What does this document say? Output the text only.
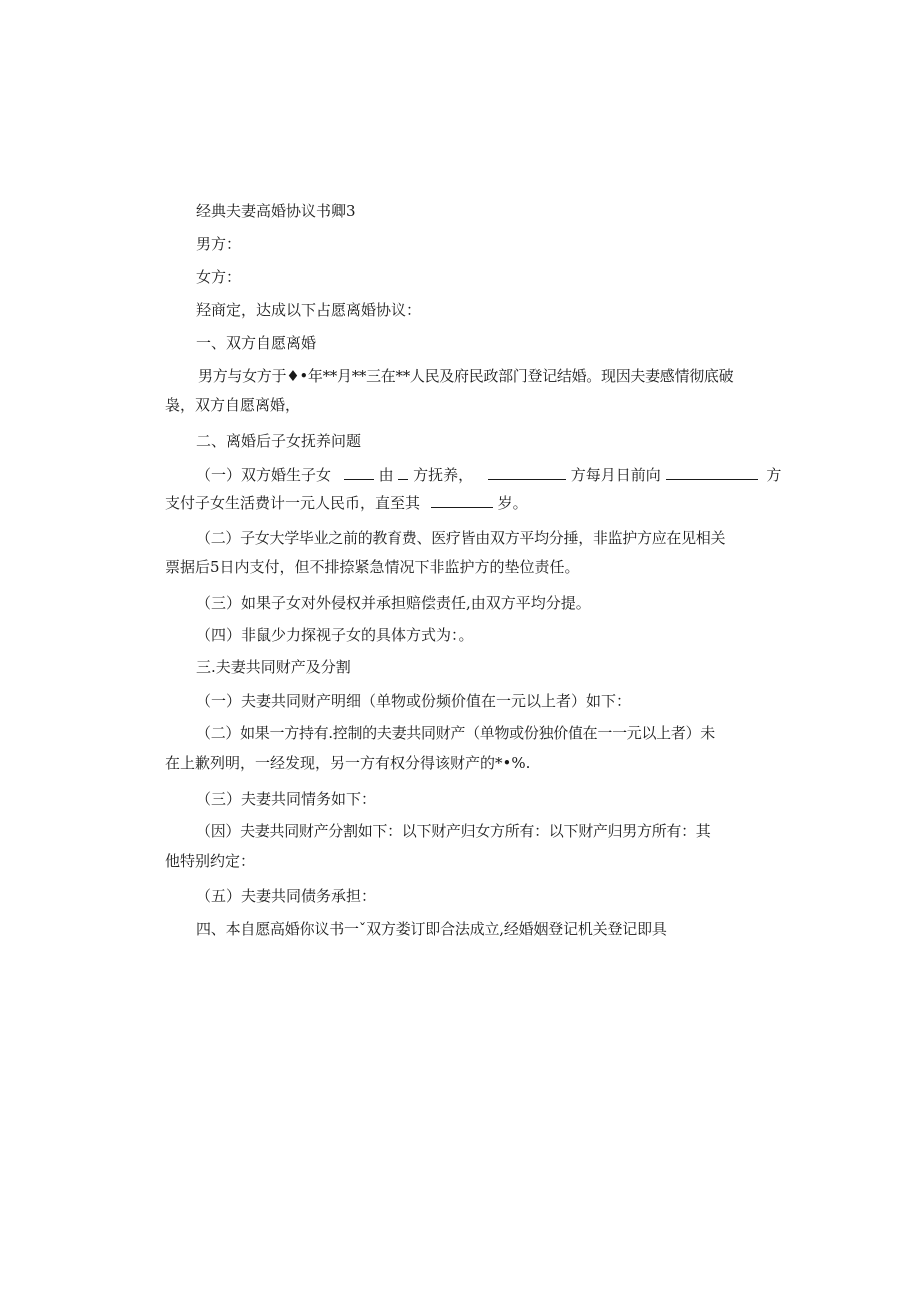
经典夫妻高婚协议书卿3
男方：
女方：
羟商定，达成以下占愿离婚协议：
一、双方自愿离婚
男方与女方于♦•年**月**三在**人民及府民政部门登记结婚。现因夫妻感情彻底破
袅，双方自愿离婚，
二、离婚后子女抚养问题
（一）双方婚生子女	由 方抚养，	方每月日前向	方
支付子女生活费计一元人民币，直至其	岁。
（二）子女大学毕业之前的教育费、医疗皆由双方平均分捶，非监护方应在见相关
票据后5日内支付，但不排捺紧急情况下非监护方的垫位责任。
（三）如果子女对外侵权并承担赔偿责任,由双方平均分提。
（四）非鼠少力探视子女的具体方式为：。
三.夫妻共同财产及分割
（一）夫妻共同财产明细（单物或份频价值在一元以上者）如下：
（二）如果一方持有.控制的夫妻共同财产（单物或份独价值在一一元以上者）未
在上歉列明，一经发现，另一方有权分得该财产的*•%.
（三）夫妻共同情务如下：
（因）夫妻共同财产分割如下：以下财产归女方所有：以下财产归男方所有：其
他特别约定：
（五）夫妻共同债务承担：
四、本自愿高婚你议书一ˇ双方娄订即合法成立,经婚姻登记机关登记即具
